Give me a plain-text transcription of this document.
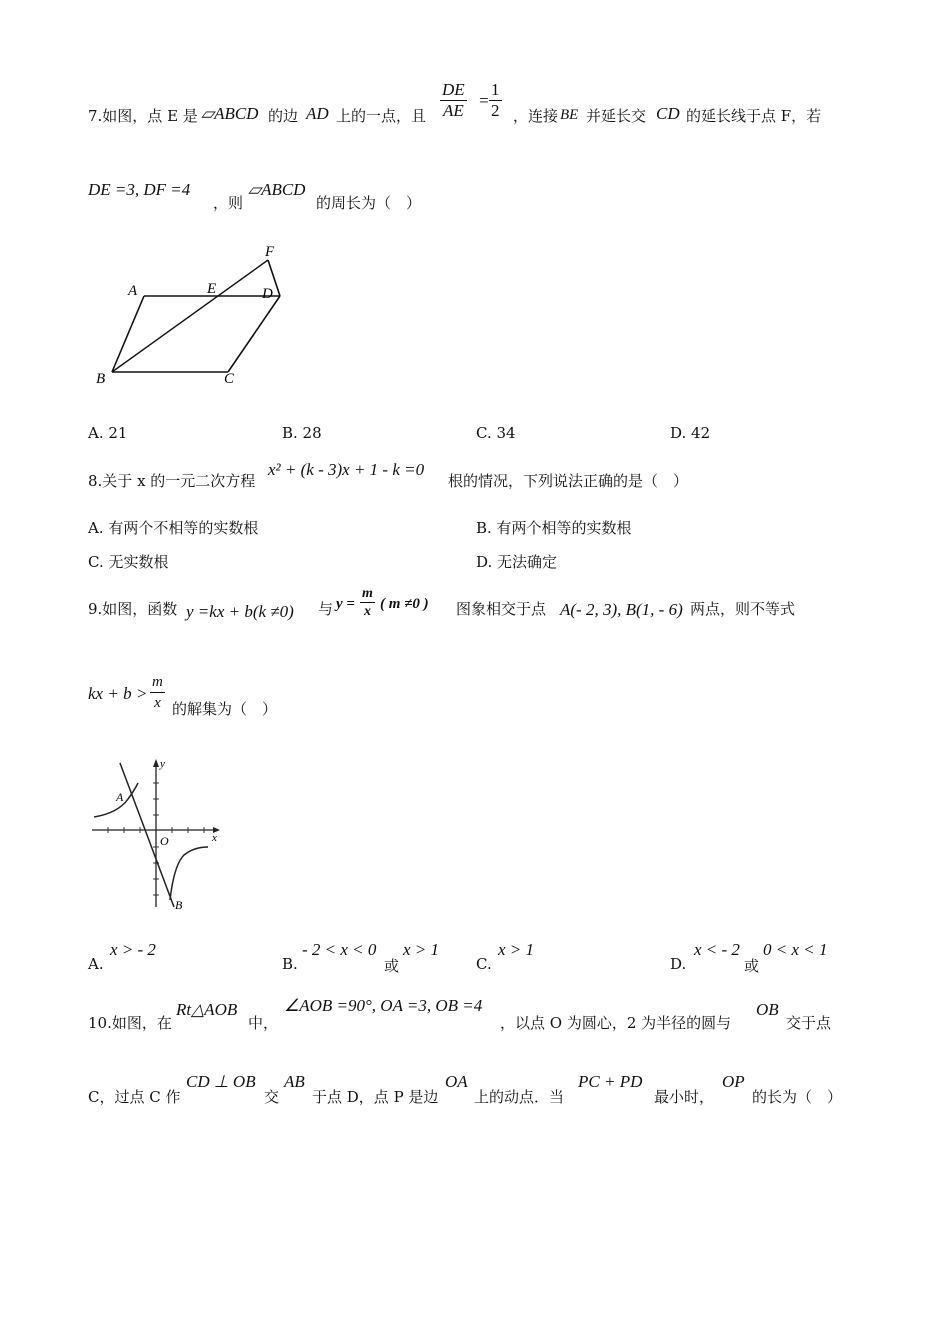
7.如图，点 E 是 ▱ABCD 的边 AD 上的一点，且 $\frac{DE}{AE} = \frac{1}{2}$ ，连接 BE 并延长交 CD 的延长线于点 F，若
DE =3, DF =4
，则
▱ABCD
的周长为（　）
A	E	D
F
B	C
A. 21	B. 28	C. 34	D. 42
8.关于 x 的一元二次方程
x² + (k - 3)x + 1 - k =0
根的情况，下列说法正确的是（　）
A. 有两个不相等的实数根	B. 有两个相等的实数根
C. 无实数根	D. 无法确定
9.如图，函数 y =kx + b(k ≠0) 与 $y = \frac{m}{x}$ ( m ≠0 ) 图象相交于点 A(- 2, 3), B(1, - 6) 两点，则不等式
kx + $b > \frac{m}{x}$ 的解集为（　）
y
x
A
O
B
A.
x > - 2
B.
- 2 < x < 0
或
x > 1
C.
x > 1
D.
x < - 2
或
0 < x < 1
10.如图，在
Rt△AOB
中，
∠AOB =90°, OA =3, OB =4
，以点 O 为圆心，2 为半径的圆与
OB
交于点
C，过点 C 作
CD ⊥ OB
交
AB
于点 D，点 P 是边
OA
上的动点．当
PC + PD
最小时，
OP
的长为（　）
